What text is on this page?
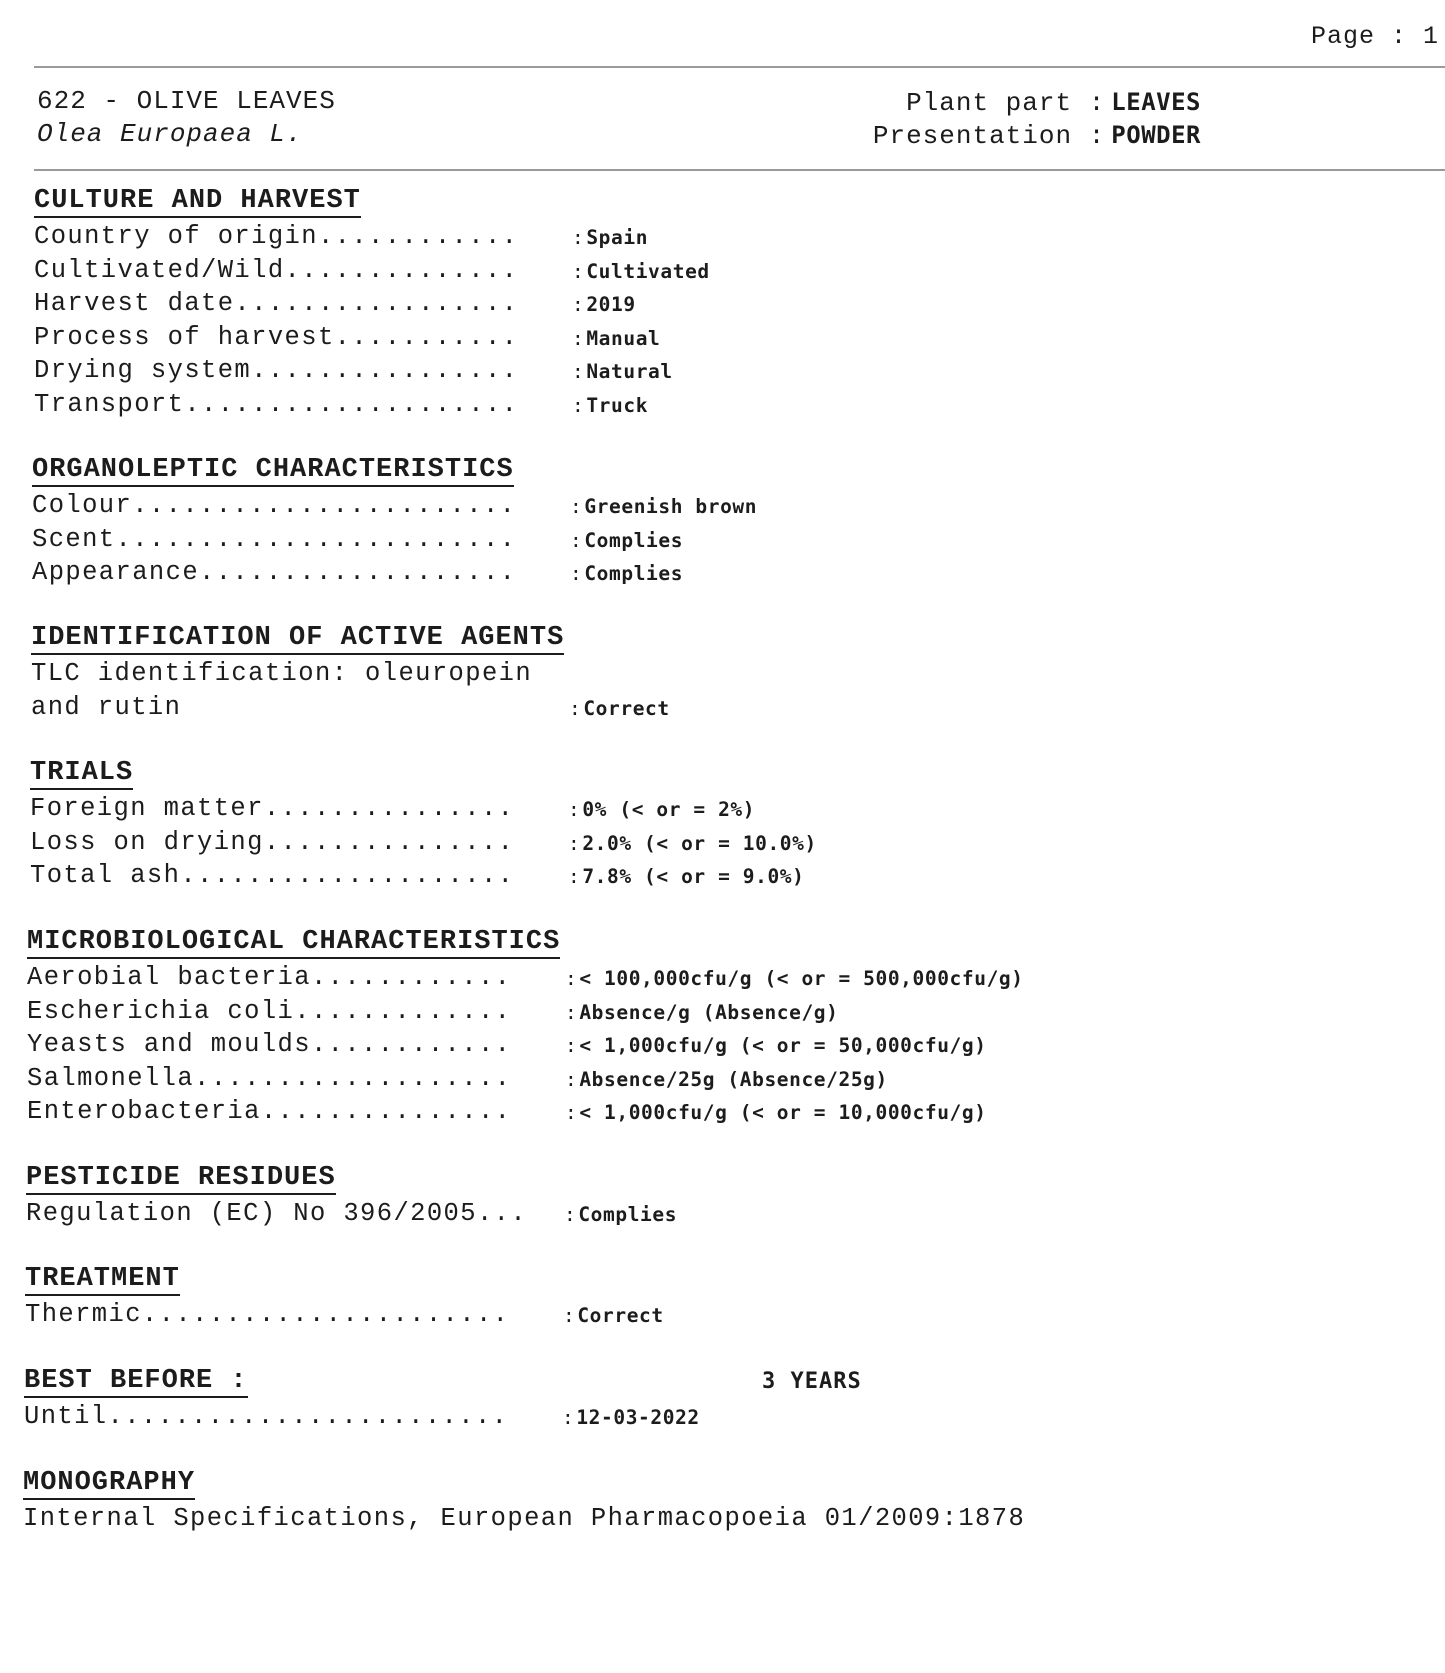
Page : 1
622 - OLIVE LEAVES
Olea Europaea L.
Plant part : LEAVES
Presentation : POWDER
CULTURE AND HARVEST
Country of origin............	: Spain
Cultivated/Wild..............	: Cultivated
Harvest date.................	: 2019
Process of harvest...........	: Manual
Drying system................	: Natural
Transport....................	: Truck
ORGANOLEPTIC CHARACTERISTICS
Colour.......................	: Greenish brown
Scent........................	: Complies
Appearance...................	: Complies
IDENTIFICATION OF ACTIVE AGENTS
TLC identification: oleuropein
and rutin	: Correct
TRIALS
Foreign matter...............	: 0% (< or = 2%)
Loss on drying...............	: 2.0% (< or = 10.0%)
Total ash....................	: 7.8% (< or = 9.0%)
MICROBIOLOGICAL CHARACTERISTICS
Aerobial bacteria............	: < 100,000cfu/g (< or = 500,000cfu/g)
Escherichia coli.............	: Absence/g (Absence/g)
Yeasts and moulds............	: < 1,000cfu/g (< or = 50,000cfu/g)
Salmonella...................	: Absence/25g (Absence/25g)
Enterobacteria...............	: < 1,000cfu/g (< or = 10,000cfu/g)
PESTICIDE RESIDUES
Regulation (EC) No 396/2005... : Complies
TREATMENT
Thermic......................	: Correct
BEST BEFORE :
Until........................	: 12-03-2022
3 YEARS
MONOGRAPHY
Internal Specifications, European Pharmacopoeia 01/2009:1878
